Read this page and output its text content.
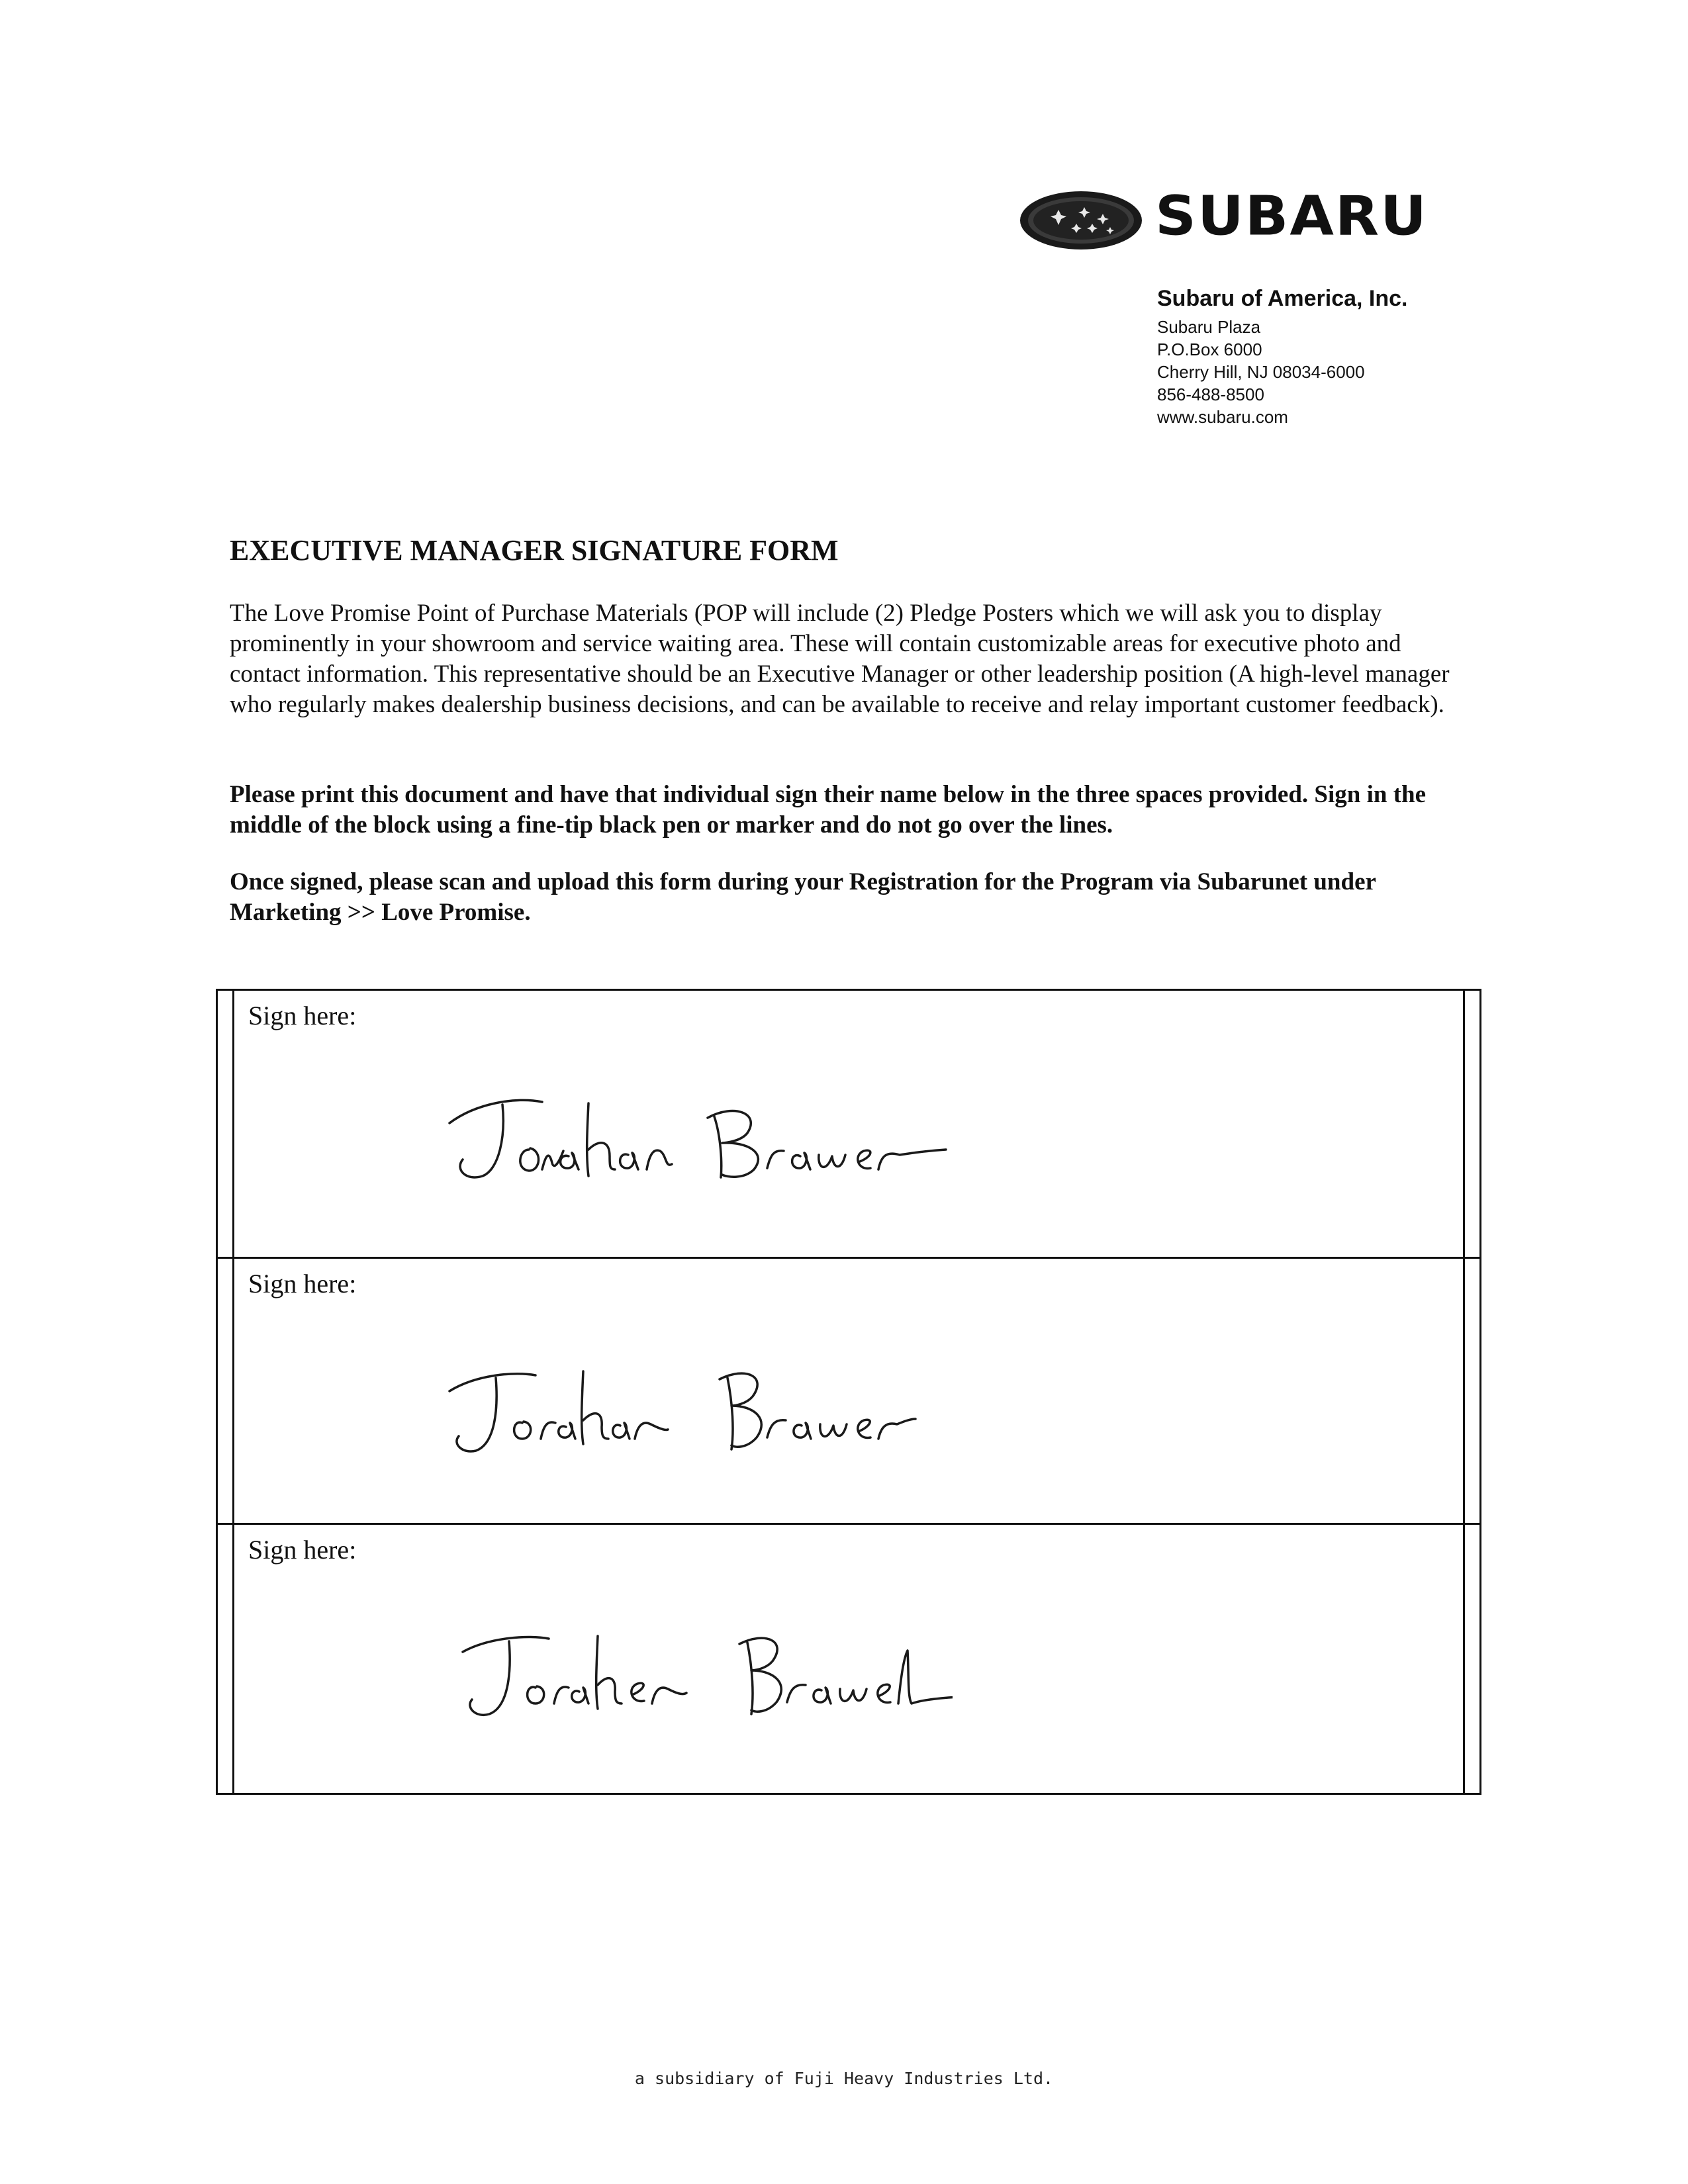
SUBARU
Subaru of America, Inc.
Subaru Plaza
P.O.Box 6000
Cherry Hill, NJ 08034-6000
856-488-8500
www.subaru.com
EXECUTIVE MANAGER SIGNATURE FORM

The Love Promise Point of Purchase Materials (POP will include (2) Pledge Posters which we will ask you to display prominently in your showroom and service waiting area. These will contain customizable areas for executive photo and contact information. This representative should be an Executive Manager or other leadership position (A high-level manager who regularly makes dealership business decisions, and can be available to receive and relay important customer feedback).

Please print this document and have that individual sign their name below in the three spaces provided. Sign in the middle of the block using a fine-tip black pen or marker and do not go over the lines.

Once signed, please scan and upload this form during your Registration for the Program via Subarunet under Marketing >> Love Promise.

Sign here:
Sign here:
Sign here:
a subsidiary of Fuji Heavy Industries Ltd.
